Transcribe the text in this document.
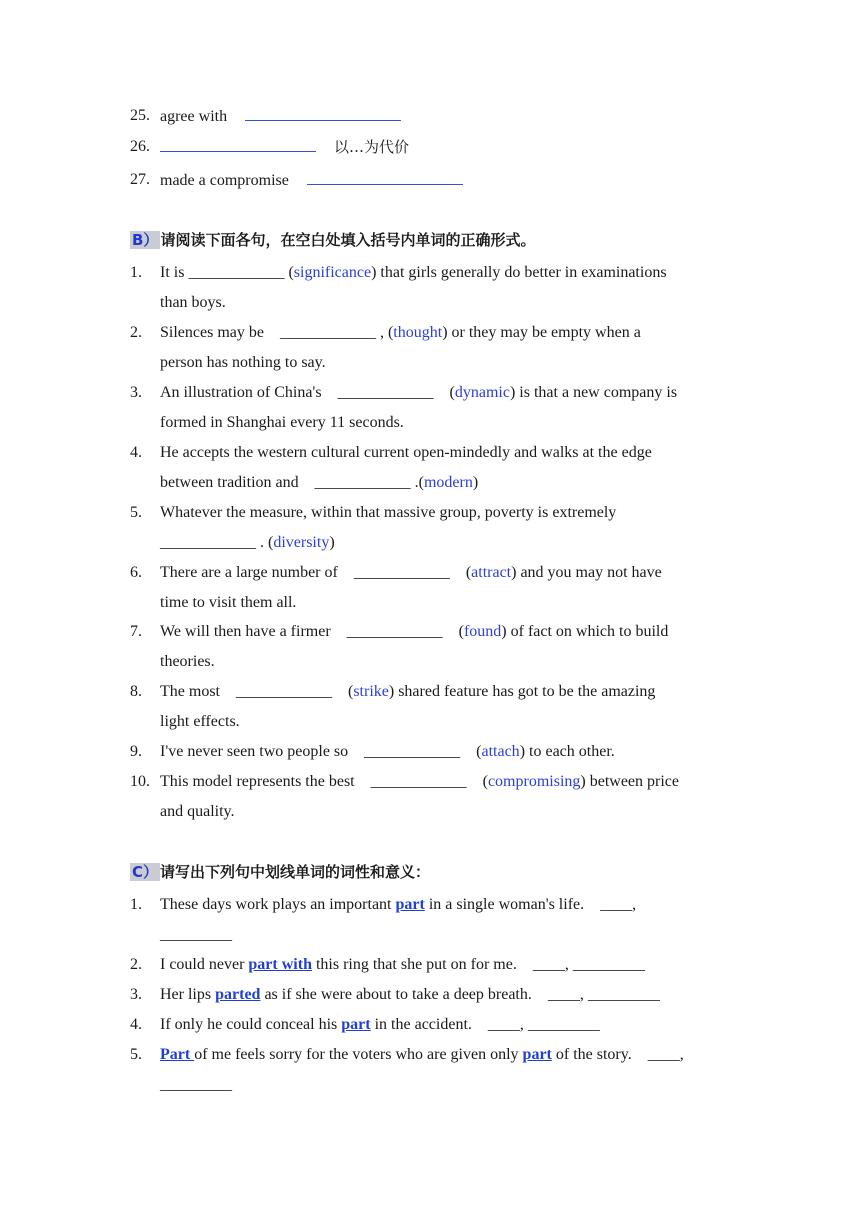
25. agree with
26.	以…为代价
27. made a compromise
B） 请阅读下面各句，在空白处填入括号内单词的正确形式。
1. It is ____________ (significance) that girls generally do better in examinations
than boys.
2. Silences may be    ____________ , (thought) or they may be empty when a
person has nothing to say.
3. An illustration of China's    ____________    (dynamic) is that a new company is
formed in Shanghai every 11 seconds.
4. He accepts the western cultural current open-mindedly and walks at the edge
between tradition and    ____________ .(modern)
5. Whatever the measure, within that massive group, poverty is extremely
____________ . (diversity)
6. There are a large number of    ____________    (attract) and you may not have
time to visit them all.
7. We will then have a firmer    ____________    (found) of fact on which to build
theories.
8. The most    ____________    (strike) shared feature has got to be the amazing
light effects.
9. I've never seen two people so    ____________    (attach) to each other.
10. This model represents the best    ____________    (compromising) between price
and quality.
C） 请写出下列句中划线单词的词性和意义：
1. These days work plays an important part in a single woman's life.    ____,
_________
2. I could never part with this ring that she put on for me.    ____, _________
3. Her lips parted as if she were about to take a deep breath.    ____, _________
4. If only he could conceal his part in the accident.    ____, _________
5. Part of me feels sorry for the voters who are given only part of the story.    ____,
_________
